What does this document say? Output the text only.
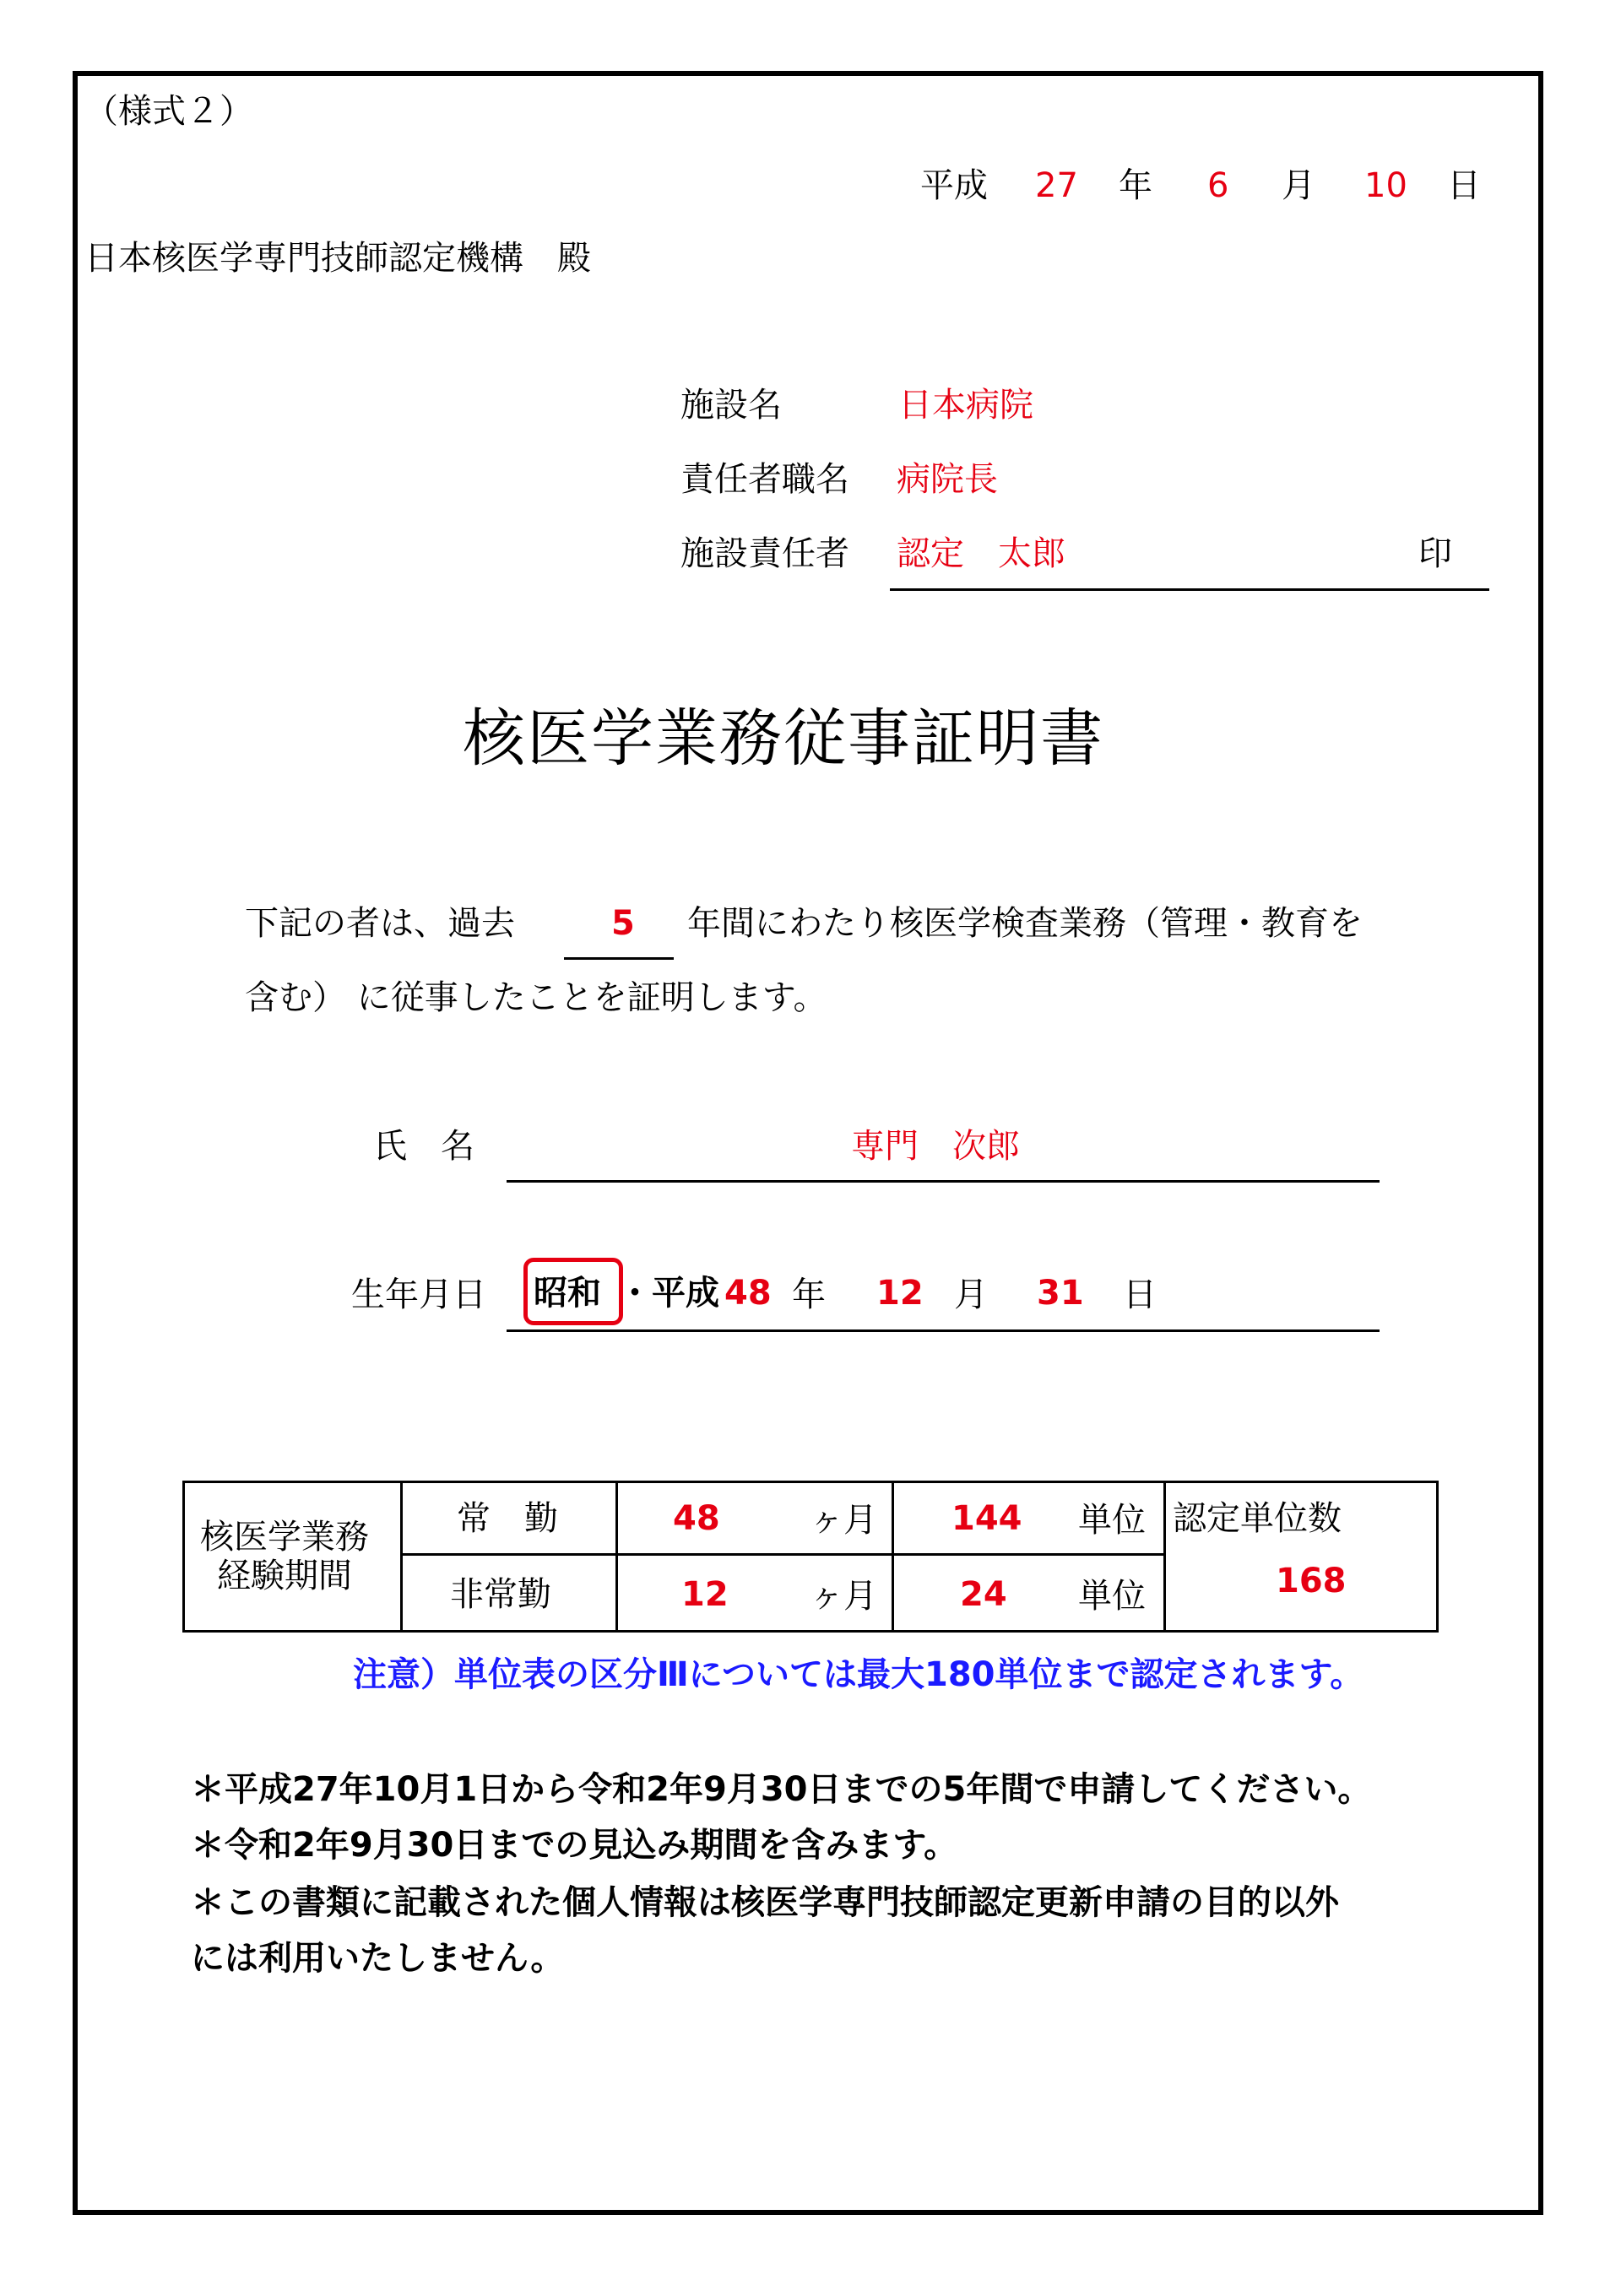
（様式２）
平成 27 年 6 月 10 日
日本核医学専門技師認定機構　殿
施設名	日本病院
責任者職名 病院長
施設責任者 認定　太郎	印
核医学業務従事証明書
下記の者は、過去	5 年間にわたり核医学検査業務（管理・教育を
含む） に従事したことを証明します。
氏　名	専門　次郎
生年月日 昭和 ・平成 48 年 12 月 31 日
核医学業務
経験期間
常　勤	48	ヶ月 144 単位
非常勤	12 ヶ月 24 単位
認定単位数
168
注意）単位表の区分Ⅲについては最大180単位まで認定されます。
＊平成27年10月1日から令和2年9月30日までの5年間で申請してください。
＊令和2年9月30日までの見込み期間を含みます。
＊この書類に記載された個人情報は核医学専門技師認定更新申請の目的以外
には利用いたしません。
